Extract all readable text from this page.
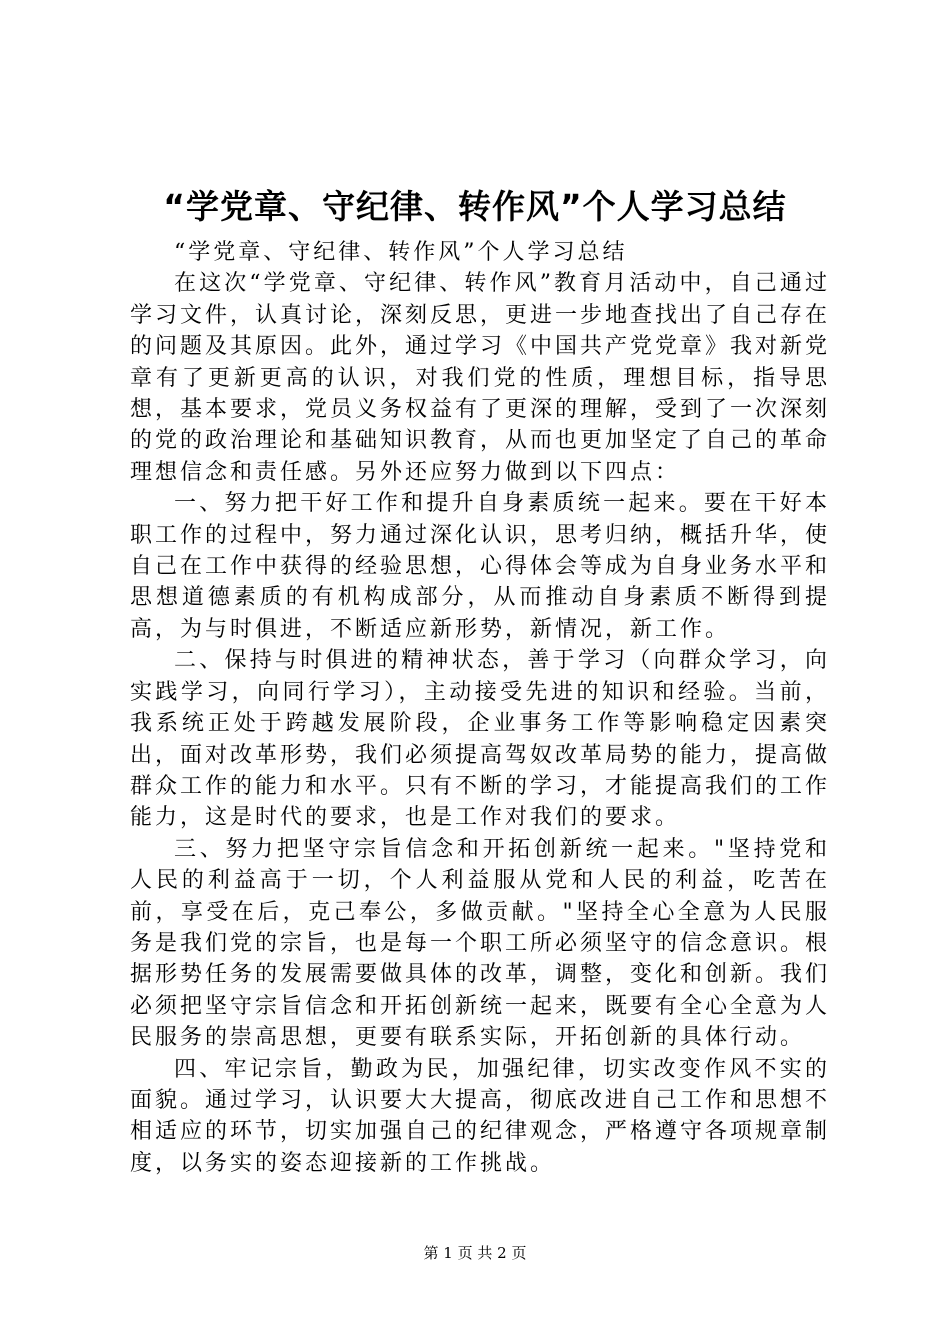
“学党章、守纪律、转作风”个人学习总结

“学党章、守纪律、转作风”个人学习总结

在这次“学党章、守纪律、转作风”教育月活动中，自己通过学习文件，认真讨论，深刻反思，更进一步地查找出了自己存在的问题及其原因。此外，通过学习《中国共产党党章》我对新党章有了更新更高的认识，对我们党的性质，理想目标，指导思想，基本要求，党员义务权益有了更深的理解，受到了一次深刻的党的政治理论和基础知识教育，从而也更加坚定了自己的革命理想信念和责任感。另外还应努力做到以下四点：

一、努力把干好工作和提升自身素质统一起来。要在干好本职工作的过程中，努力通过深化认识，思考归纳，概括升华，使自己在工作中获得的经验思想，心得体会等成为自身业务水平和思想道德素质的有机构成部分，从而推动自身素质不断得到提高，为与时俱进，不断适应新形势，新情况，新工作。

二、保持与时俱进的精神状态，善于学习（向群众学习，向实践学习，向同行学习），主动接受先进的知识和经验。当前，我系统正处于跨越发展阶段，企业事务工作等影响稳定因素突出，面对改革形势，我们必须提高驾奴改革局势的能力，提高做群众工作的能力和水平。只有不断的学习，才能提高我们的工作能力，这是时代的要求，也是工作对我们的要求。

三、努力把坚守宗旨信念和开拓创新统一起来。"坚持党和人民的利益高于一切，个人利益服从党和人民的利益，吃苦在前，享受在后，克己奉公，多做贡献。"坚持全心全意为人民服务是我们党的宗旨，也是每一个职工所必须坚守的信念意识。根据形势任务的发展需要做具体的改革，调整，变化和创新。我们必须把坚守宗旨信念和开拓创新统一起来，既要有全心全意为人民服务的崇高思想，更要有联系实际，开拓创新的具体行动。

四、牢记宗旨，勤政为民，加强纪律，切实改变作风不实的面貌。通过学习，认识要大大提高，彻底改进自己工作和思想不相适应的环节，切实加强自己的纪律观念，严格遵守各项规章制度，以务实的姿态迎接新的工作挑战。

第 1 页 共 2 页
